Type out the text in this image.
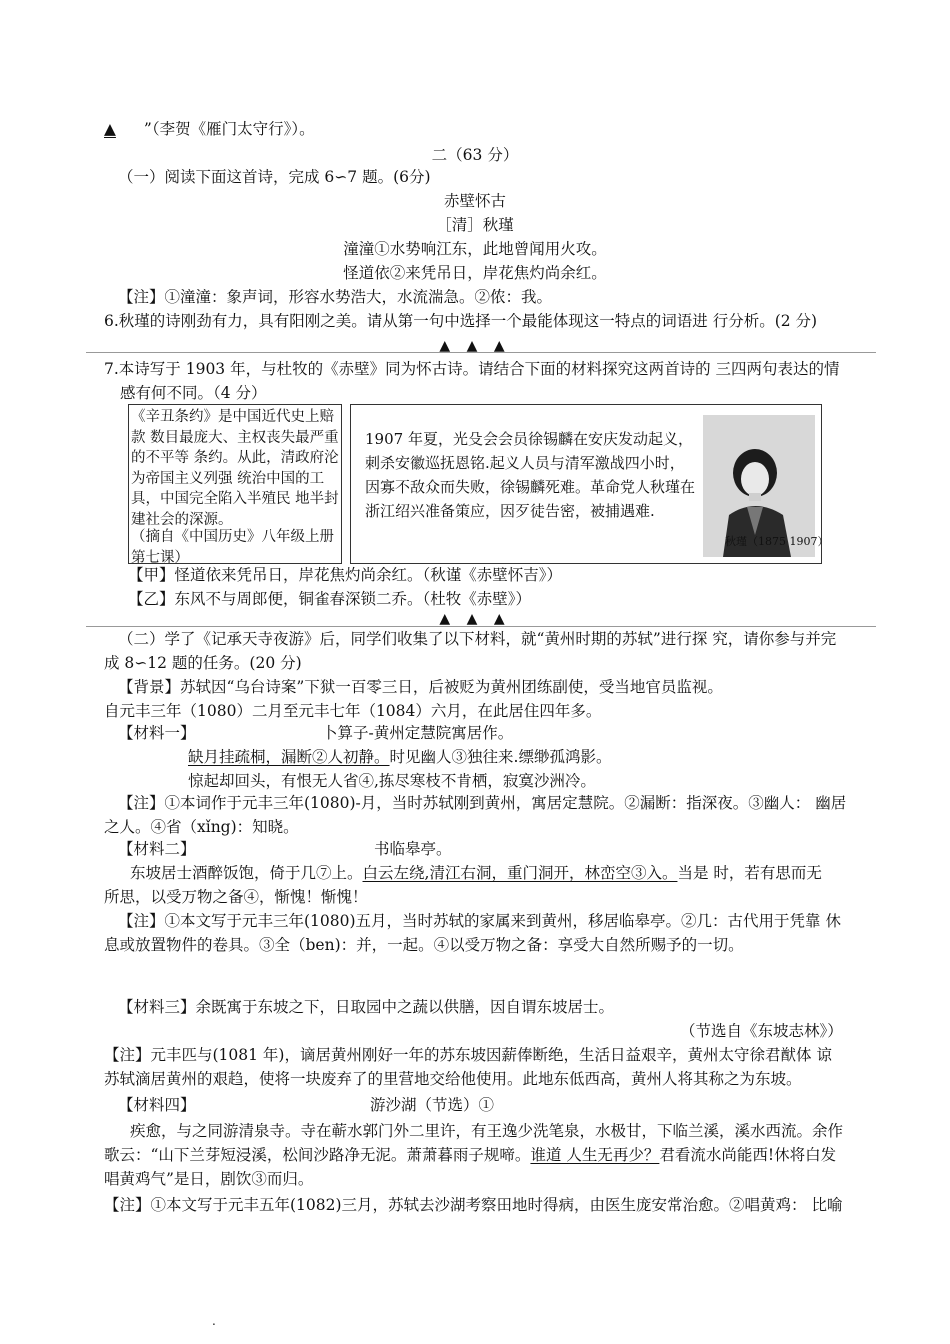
▲ ”（李贺《雁门太守行》）。
二（63 分）
（一）阅读下面这首诗，完成 6∽7 题。(6分)
赤壁怀古
［清］秋瑾
潼潼①水势响江东，此地曾闻用火攻。
怪道依②来凭吊日，岸花焦灼尚余红。
【注】①潼潼：象声词，形容水势浩大，水流湍急。②侬：我。
6.秋瑾的诗刚劲有力，具有阳刚之美。请从第一句中选择一个最能体现这一特点的词语进 行分析。(2 分)
▲ ▲ ▲
7.本诗写于 1903 年，与杜牧的《赤壁》同为怀古诗。请结合下面的材料探究这两首诗的 三四两句表达的情
感有何不同。（4 分）
《辛丑条约》是中国近代史上赔款 数目最庞大、主权丧失最严重的不平等 条约。从此，清政府沦为帝国主义列强 统治中国的工具，中国完全陷入半殖民 地半封建社会的深源。
（摘自《中国历史》八年级上册第七课）
1907 年夏，光殳会会员徐锡麟在安庆发动起义，刺杀安徽巡抚恩铭.起义人员与清军激战四小时，因寡不敌众而失败，徐锡麟死难。革命党人秋瑾在浙江绍兴准备策应，因歹徒告密，被捕遇难.
秋瑾（1875 1907）
【甲】怪道依来凭吊日，岸花焦灼尚余红。（秋谨《赤壁怀吉》）
【乙】东风不与周郎便，铜雀春深锁二乔。（杜牧《赤壁》）
▲ ▲ ▲
（二）学了《记承天寺夜游》后，同学们收集了以下材料，就“黄州时期的苏轼”进行探 究，请你参与并完
成 8∽12 题的任务。(20 分)
【背景】苏轼因“乌台诗案”下狱一百零三日，后被贬为黄州团练副使，受当地官员监视。
自元丰三年（1080）二月至元丰七年（1084）六月，在此居住四年多。
【材料一】	卜算子-黄州定慧院寓居作。
缺月挂疏桐，漏断②人初静。时见幽人③独往来.缥缈孤鸿影。
惊起却回头，有恨无人省④,拣尽寒枝不肯栖，寂寞沙洲冷。
【注】①本词作于元丰三年(1080)-月，当时苏轼刚到黄州，寓居定慧院。②漏断：指深夜。③幽人： 幽居
之人。④省（xǐng)：知晓。
【材料二】	书临皋亭。
东坡居士酒醉饭饱，倚于几⑦上。白云左绕,清江右洞，重门洞开，林峦空③入。当是 时，若有思而无
所思，以受万物之备④，惭愧！惭愧！
【注】①本文写于元丰三年(1080)五月，当时苏轼的家属来到黄州，移居临皋亭。②几：古代用于凭靠 休
息或放置物件的卷具。③全（ben)：并，一起。④以受万物之备：享受大自然所赐予的一切。
【材料三】余既寓于东坡之下，日取园中之蔬以供膳，因自谓东坡居士。
（节选自《东坡志林》）
【注】元丰匹与(1081 年)，谪居黄州刚好一年的苏东坡因薪俸断绝，生活日益艰辛，黄州太守徐君猷体 谅
苏轼滴居黄州的艰趋，使将一块废弃了的里营地交给他使用。此地东低西高，黄州人将其称之为东坡。
【材料四】	游沙湖（节选）①
疾愈，与之同游清泉寺。寺在蕲水郭门外二里许，有王逸少洗笔泉，水极甘，下临兰溪，溪水西流。余作
歌云：“山下兰芽短浸溪，松间沙路净无泥。萧萧暮雨子规啼。谁道 人生无再少？君看流水尚能西!休将白发
唱黄鸡气”是日，剧饮③而归。
【注】①本文写于元丰五年(1082)三月，苏轼去沙湖考察田地时得病，由医生庞安常治愈。②唱黄鸡： 比喻
.
